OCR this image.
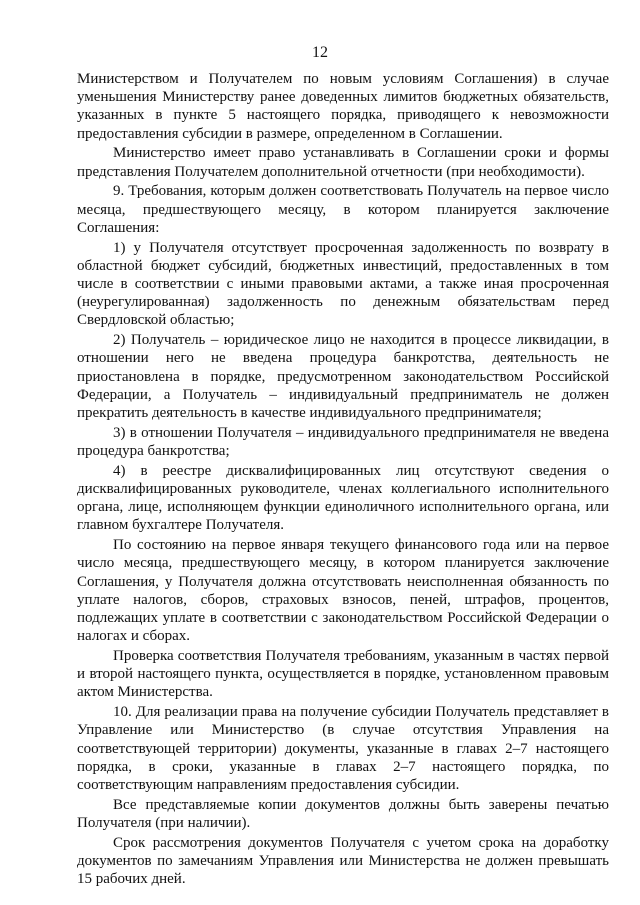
12

Министерством и Получателем по новым условиям Соглашения) в случае уменьшения Министерству ранее доведенных лимитов бюджетных обязательств, указанных в пункте 5 настоящего порядка, приводящего к невозможности предоставления субсидии в размере, определенном в Соглашении.

Министерство имеет право устанавливать в Соглашении сроки и формы представления Получателем дополнительной отчетности (при необходимости).

9. Требования, которым должен соответствовать Получатель на первое число месяца, предшествующего месяцу, в котором планируется заключение Соглашения:

1) у Получателя отсутствует просроченная задолженность по возврату в областной бюджет субсидий, бюджетных инвестиций, предоставленных в том числе в соответствии с иными правовыми актами, а также иная просроченная (неурегулированная) задолженность по денежным обязательствам перед Свердловской областью;

2) Получатель – юридическое лицо не находится в процессе ликвидации, в отношении него не введена процедура банкротства, деятельность не приостановлена в порядке, предусмотренном законодательством Российской Федерации, а Получатель – индивидуальный предприниматель не должен прекратить деятельность в качестве индивидуального предпринимателя;

3) в отношении Получателя – индивидуального предпринимателя не введена процедура банкротства;

4) в реестре дисквалифицированных лиц отсутствуют сведения о дисквалифицированных руководителе, членах коллегиального исполнительного органа, лице, исполняющем функции единоличного исполнительного органа, или главном бухгалтере Получателя.

По состоянию на первое января текущего финансового года или на первое число месяца, предшествующего месяцу, в котором планируется заключение Соглашения, у Получателя должна отсутствовать неисполненная обязанность по уплате налогов, сборов, страховых взносов, пеней, штрафов, процентов, подлежащих уплате в соответствии с законодательством Российской Федерации о налогах и сборах.

Проверка соответствия Получателя требованиям, указанным в частях первой и второй настоящего пункта, осуществляется в порядке, установленном правовым актом Министерства.

10. Для реализации права на получение субсидии Получатель представляет в Управление или Министерство (в случае отсутствия Управления на соответствующей территории) документы, указанные в главах 2–7 настоящего порядка, в сроки, указанные в главах 2–7 настоящего порядка, по соответствующим направлениям предоставления субсидии.

Все представляемые копии документов должны быть заверены печатью Получателя (при наличии).

Срок рассмотрения документов Получателя с учетом срока на доработку документов по замечаниям Управления или Министерства не должен превышать 15 рабочих дней.
